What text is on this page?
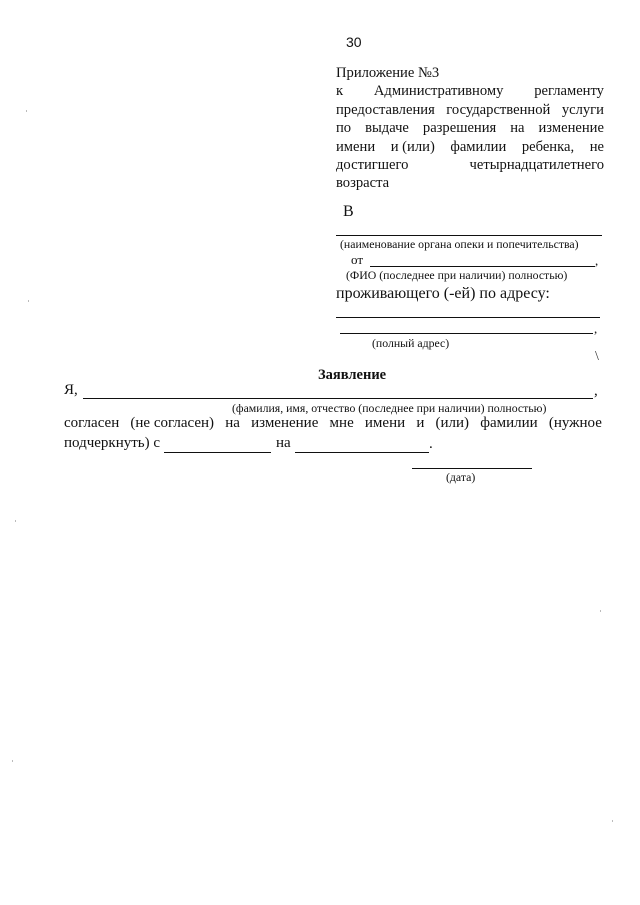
30
Приложение №3
к Административному регламенту
предоставления государственной услуги
по выдаче разрешения на изменение
имени и (или) фамилии ребенка, не
достигшего	четырнадцатилетнего
возраста
В
(наименование органа опеки и попечительства)
от	,
(ФИО (последнее при наличии) полностью)
проживающего (-ей) по адресу:
,
(полный адрес)
\
Заявление
Я,	,
(фамилия, имя, отчество (последнее при наличии) полностью)
согласен (не согласен) на изменение мне имени и (или) фамилии (нужное
подчеркнуть) с	на	.
(дата)
